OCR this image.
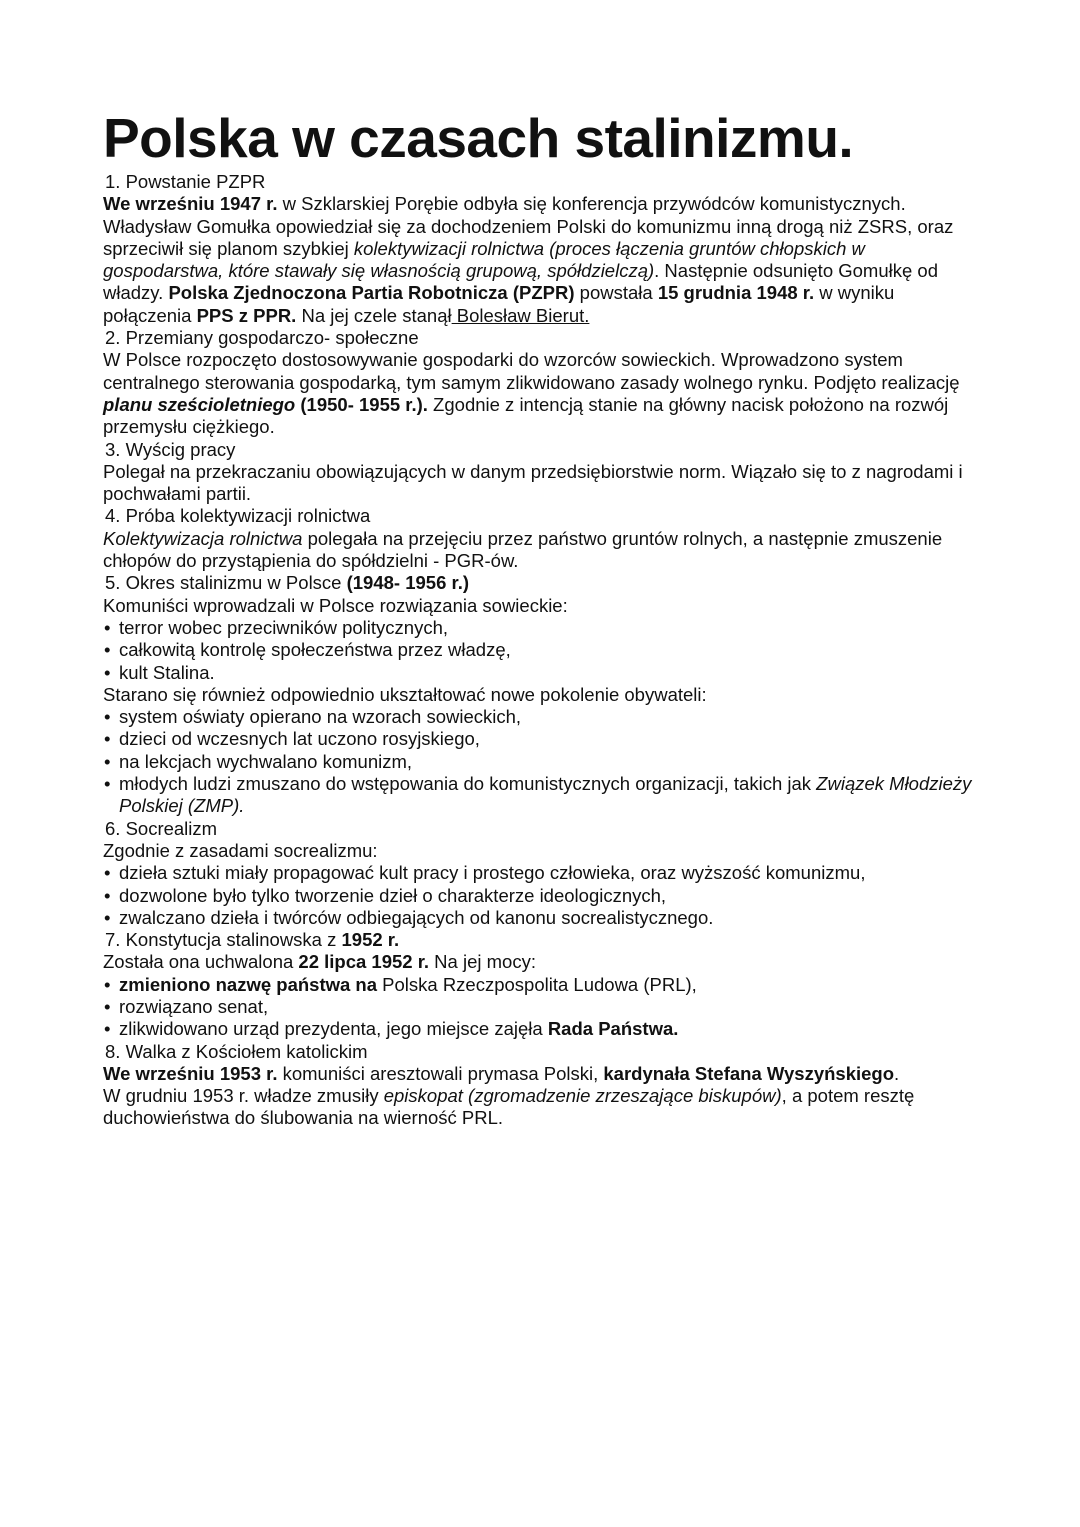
Polska w czasach stalinizmu.
1. Powstanie PZPR
We wrześniu 1947 r. w Szklarskiej Porębie odbyła się konferencja przywódców komunistycznych. Władysław Gomułka opowiedział się za dochodzeniem Polski do komunizmu inną drogą niż ZSRS, oraz sprzeciwił się planom szybkiej kolektywizacji rolnictwa (proces łączenia gruntów chłopskich w gospodarstwa, które stawały się własnością grupową, spółdzielczą). Następnie odsunięto Gomułkę od władzy. Polska Zjednoczona Partia Robotnicza (PZPR) powstała 15 grudnia 1948 r. w wyniku połączenia PPS z PPR. Na jej czele stanął Bolesław Bierut.
2. Przemiany gospodarczo- społeczne
W Polsce rozpoczęto dostosowywanie gospodarki do wzorców sowieckich. Wprowadzono system centralnego sterowania gospodarką, tym samym zlikwidowano zasady wolnego rynku. Podjęto realizację planu sześcioletniego (1950- 1955 r.). Zgodnie z intencją stanie na główny nacisk położono na rozwój przemysłu ciężkiego.
3. Wyścig pracy
Polegał na przekraczaniu obowiązujących w danym przedsiębiorstwie norm. Wiązało się to z nagrodami i pochwałami partii.
4. Próba kolektywizacji rolnictwa
Kolektywizacja rolnictwa polegała na przejęciu przez państwo gruntów rolnych, a następnie zmuszenie chłopów do przystąpienia do spółdzielni - PGR-ów.
5. Okres stalinizmu w Polsce (1948- 1956 r.)
Komuniści wprowadzali w Polsce rozwiązania sowieckie:
• terror wobec przeciwników politycznych,
• całkowitą kontrolę społeczeństwa przez władzę,
• kult Stalina.
Starano się również odpowiednio ukształtować nowe pokolenie obywateli:
• system oświaty opierano na wzorach sowieckich,
• dzieci od wczesnych lat uczono rosyjskiego,
• na lekcjach wychwalano komunizm,
• młodych ludzi zmuszano do wstępowania do komunistycznych organizacji, takich jak Związek Młodzieży Polskiej (ZMP).
6. Socrealizm
Zgodnie z zasadami socrealizmu:
• dzieła sztuki miały propagować kult pracy i prostego człowieka, oraz wyższość komunizmu,
• dozwolone było tylko tworzenie dzieł o charakterze ideologicznych,
• zwalczano dzieła i twórców odbiegających od kanonu socrealistycznego.
7. Konstytucja stalinowska z 1952 r.
Została ona uchwalona 22 lipca 1952 r. Na jej mocy:
• zmieniono nazwę państwa na Polska Rzeczpospolita Ludowa (PRL),
• rozwiązano senat,
• zlikwidowano urząd prezydenta, jego miejsce zajęła Rada Państwa.
8. Walka z Kościołem katolickim
We wrześniu 1953 r. komuniści aresztowali prymasa Polski, kardynała Stefana Wyszyńskiego.
W grudniu 1953 r. władze zmusiły episkopat (zgromadzenie zrzeszające biskupów), a potem resztę duchowieństwa do ślubowania na wierność PRL.
